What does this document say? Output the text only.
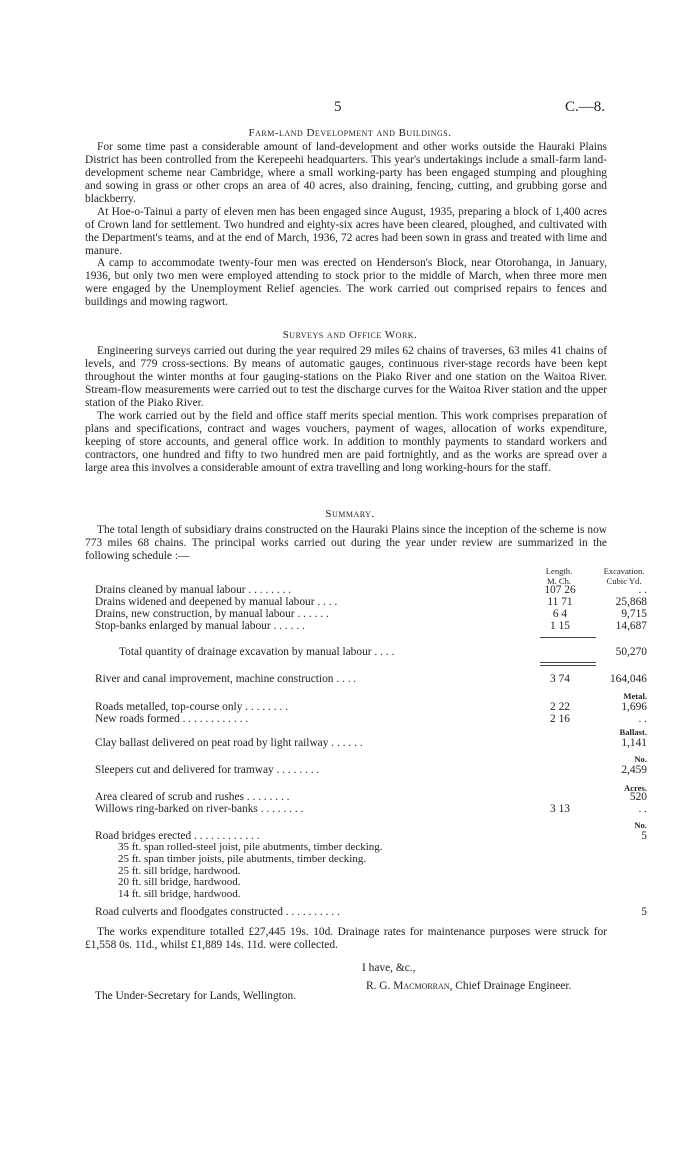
5	C.—8.
Farm-land Development and Buildings.

For some time past a considerable amount of land-development and other works outside the Hauraki Plains District has been controlled from the Kerepeehi headquarters. This year's undertakings include a small-farm land-development scheme near Cambridge, where a small working-party has been engaged stumping and ploughing and sowing in grass or other crops an area of 40 acres, also draining, fencing, cutting, and grubbing gorse and blackberry.

At Hoe-o-Tainui a party of eleven men has been engaged since August, 1935, preparing a block of 1,400 acres of Crown land for settlement. Two hundred and eighty-six acres have been cleared, ploughed, and cultivated with the Department's teams, and at the end of March, 1936, 72 acres had been sown in grass and treated with lime and manure.

A camp to accommodate twenty-four men was erected on Henderson's Block, near Otorohanga, in January, 1936, but only two men were employed attending to stock prior to the middle of March, when three more men were engaged by the Unemployment Relief agencies. The work carried out comprised repairs to fences and buildings and mowing ragwort.

Surveys and Office Work.

Engineering surveys carried out during the year required 29 miles 62 chains of traverses, 63 miles 41 chains of levels, and 779 cross-sections. By means of automatic gauges, continuous river-stage records have been kept throughout the winter months at four gauging-stations on the Piako River and one station on the Waitoa River. Stream-flow measurements were carried out to test the discharge curves for the Waitoa River station and the upper station of the Piako River.

The work carried out by the field and office staff merits special mention. This work comprises preparation of plans and specifications, contract and wages vouchers, payment of wages, allocation of works expenditure, keeping of store accounts, and general office work. In addition to monthly payments to standard workers and contractors, one hundred and fifty to two hundred men are paid fortnightly, and as the works are spread over a large area this involves a considerable amount of extra travelling and long working-hours for the staff.

Summary.

The total length of subsidiary drains constructed on the Hauraki Plains since the inception of the scheme is now 773 miles 68 chains. The principal works carried out during the year under review are summarized in the following schedule :—

Length.
M. Ch.
Excavation.
Cubic Yd.
Drains cleaned by manual labour . . . . . . . .	107 26	. .
Drains widened and deepened by manual labour . . . .	11 71	25,868
Drains, new construction, by manual labour . . . . . .	6 4	9,715
Stop-banks enlarged by manual labour . . . . . .	1 15	14,687
Total quantity of drainage excavation by manual labour . . . .	50,270
River and canal improvement, machine construction . . . .	3 74	164,046
Metal.
Roads metalled, top-course only . . . . . . . .	2 22	1,696
New roads formed . . . . . . . . . . . .	2 16	. .
Ballast.
Clay ballast delivered on peat road by light railway . . . . . .	1,141
No.
Sleepers cut and delivered for tramway . . . . . . . .	2,459
Acres.
Area cleared of scrub and rushes . . . . . . . .	520
Willows ring-barked on river-banks . . . . . . . .	3 13	. .
No.
Road bridges erected . . . . . . . . . . . .	5
35 ft. span rolled-steel joist, pile abutments, timber decking.
25 ft. span timber joists, pile abutments, timber decking.
25 ft. sill bridge, hardwood.
20 ft. sill bridge, hardwood.
14 ft. sill bridge, hardwood.
Road culverts and floodgates constructed . . . . . . . . . .	5

The works expenditure totalled £27,445 19s. 10d. Drainage rates for maintenance purposes were struck for £1,558 0s. 11d., whilst £1,889 14s. 11d. were collected.

I have, &c.,
R. G. Macmorran, Chief Drainage Engineer.
The Under-Secretary for Lands, Wellington.
